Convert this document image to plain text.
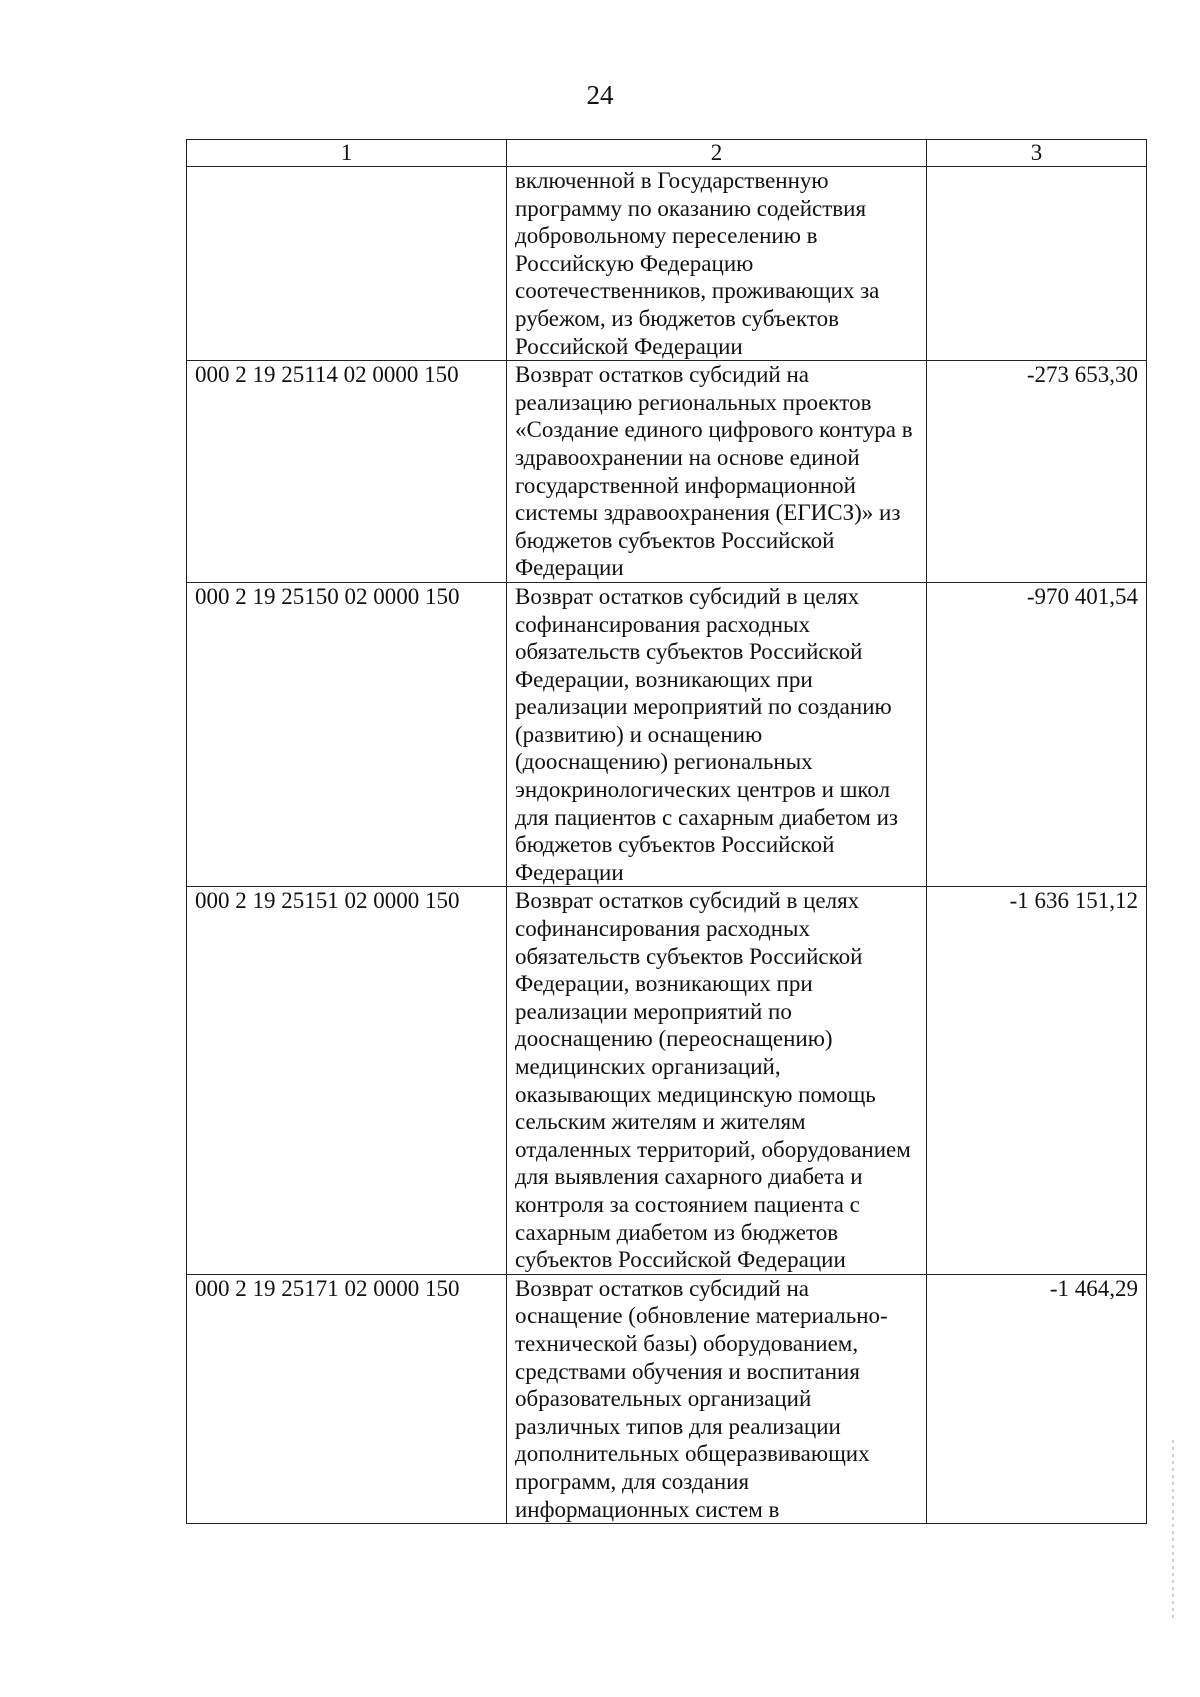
24
1	2	3
	включенной в Государственную программу по оказанию содействия добровольному переселению в Российскую Федерацию соотечественников, проживающих за рубежом, из бюджетов субъектов Российской Федерации	
000 2 19 25114 02 0000 150	Возврат остатков субсидий на реализацию региональных проектов «Создание единого цифрового контура в здравоохранении на основе единой государственной информационной системы здравоохранения (ЕГИСЗ)» из бюджетов субъектов Российской Федерации	-273 653,30
000 2 19 25150 02 0000 150	Возврат остатков субсидий в целях софинансирования расходных обязательств субъектов Российской Федерации, возникающих при реализации мероприятий по созданию (развитию) и оснащению (дооснащению) региональных эндокринологических центров и школ для пациентов с сахарным диабетом из бюджетов субъектов Российской Федерации	-970 401,54
000 2 19 25151 02 0000 150	Возврат остатков субсидий в целях софинансирования расходных обязательств субъектов Российской Федерации, возникающих при реализации мероприятий по дооснащению (переоснащению) медицинских организаций, оказывающих медицинскую помощь сельским жителям и жителям отдаленных территорий, оборудованием для выявления сахарного диабета и контроля за состоянием пациента с сахарным диабетом из бюджетов субъектов Российской Федерации	-1 636 151,12
000 2 19 25171 02 0000 150	Возврат остатков субсидий на оснащение (обновление материально-технической базы) оборудованием, средствами обучения и воспитания образовательных организаций различных типов для реализации дополнительных общеразвивающих программ, для создания информационных систем в	-1 464,29
